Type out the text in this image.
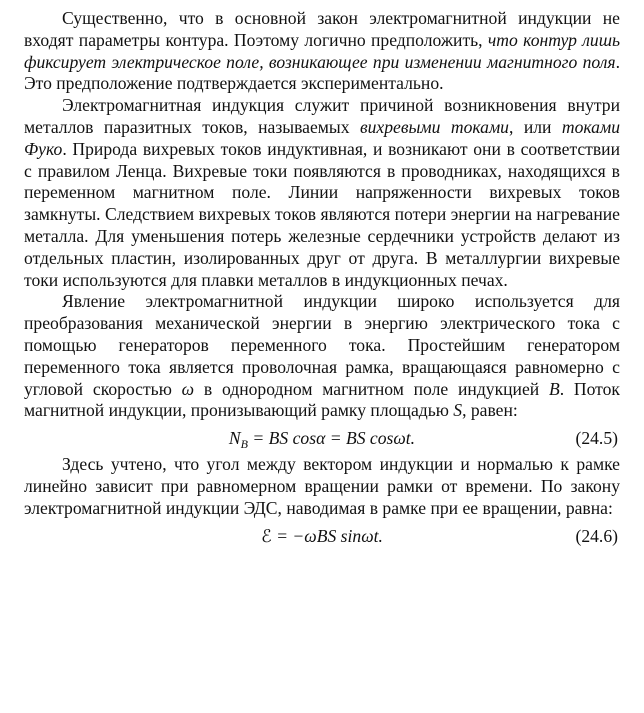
Существенно, что в основной закон электромагнитной индукции не входят параметры контура. Поэтому логично предположить, что контур лишь фиксирует электрическое поле, возникающее при изменении магнитного поля. Это предположение подтверждается экспериментально.

Электромагнитная индукция служит причиной возникновения внутри металлов паразитных токов, называемых вихревыми токами, или токами Фуко. Природа вихревых токов индуктивная, и возникают они в соответствии с правилом Ленца. Вихревые токи появляются в проводниках, находящихся в переменном магнитном поле. Линии напряженности вихревых токов замкнуты. Следствием вихревых токов являются потери энергии на нагревание металла. Для уменьшения потерь железные сердечники устройств делают из отдельных пластин, изолированных друг от друга. В металлургии вихревые токи используются для плавки металлов в индукционных печах.

Явление электромагнитной индукции широко используется для преобразования механической энергии в энергию электрического тока с помощью генераторов переменного тока. Простейшим генератором переменного тока является проволочная рамка, вращающаяся равномерно с угловой скоростью ω в однородном магнитном поле индукцией B. Поток магнитной индукции, пронизывающий рамку площадью S, равен:

$N_B$ = BS cosα = BS cosωt.	(24.5)

Здесь учтено, что угол между вектором индукции и нормалью к рамке линейно зависит при равномерном вращении рамки от времени. По закону электромагнитной индукции ЭДС, наводимая в рамке при ее вращении, равна:

ℰ = −ωBS sinωt.	(24.6)
